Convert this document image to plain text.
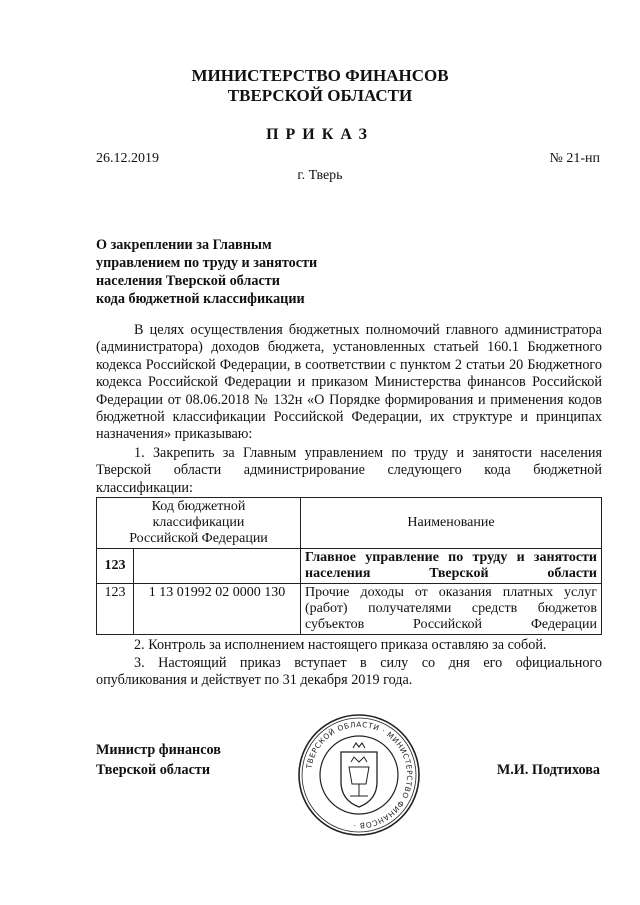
МИНИСТЕРСТВО ФИНАНСОВ
ТВЕРСКОЙ ОБЛАСТИ
ПРИКАЗ
26.12.2019	№ 21-нп
г. Тверь
О закреплении за Главным
управлением по труду и занятости
населения Тверской области
кода бюджетной классификации
В целях осуществления бюджетных полномочий главного администратора (администратора) доходов бюджета, установленных статьей 160.1 Бюджетного кодекса Российской Федерации, в соответствии с пунктом 2 статьи 20 Бюджетного кодекса Российской Федерации и приказом Министерства финансов Российской Федерации от 08.06.2018 № 132н «О Порядке формирования и применения кодов бюджетной классификации Российской Федерации, их структуре и принципах назначения» приказываю:
1. Закрепить за Главным управлением по труду и занятости населения Тверской области администрирование следующего кода бюджетной классификации:
Код бюджетной классификации Российской Федерации		Наименование
123		Главное управление по труду и занятости населения Тверской области
123	1 13 01992 02 0000 130	Прочие доходы от оказания платных услуг (работ) получателями средств бюджетов субъектов Российской Федерации
2. Контроль за исполнением настоящего приказа оставляю за собой.
3. Настоящий приказ вступает в силу со дня его официального опубликования и действует по 31 декабря 2019 года.
Министр финансов
Тверской области	М.И. Подтихова
ТВЕРСКОЙ ОБЛАСТИ · МИНИСТЕРСТВО ФИНАНСОВ ·
